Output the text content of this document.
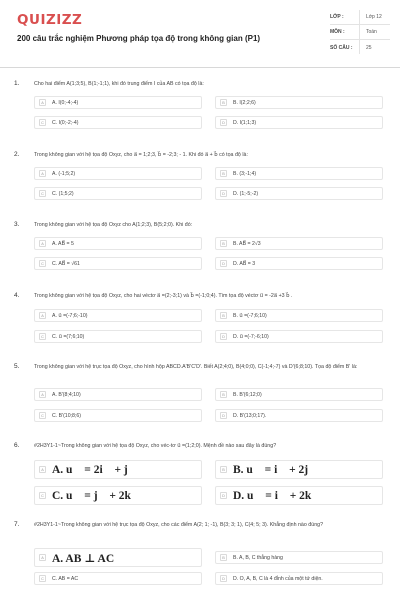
QUIZIZZ
200 câu trắc nghiệm Phương pháp tọa độ trong không gian (P1)
LỚP :	Lớp 12
MÔN :	Toán
SỐ CÂU :	25
1.	Cho hai điểm A(1;3;5), B(1;-1;1), khi đó trung điểm I của AB có tọa độ là:
A	A. I(0;-4;-4)	B	B. I(2;2;6)
C	C. I(0;-2;-4)	D	D. I(1;1;3)
2.	Trong không gian với hệ tọa độ Oxyz, cho a⃗ = 1;2;3, b⃗ = -2;3; - 1. Khi đó a⃗ + b⃗ có tọa độ là:
A	A. (-1;5;2)	B	B. (3;-1;4)
C	C. (1;5;2)	D	D. (1;-5;-2)
3.	Trong không gian với hệ tọa độ Oxyz cho A(1;2;3), B(5;2;0). Khi đó:
A	A. AB⃗ = 5	B	B. AB⃗ = 2√3
C	C. AB⃗ = √61	D	D. AB⃗ = 3
4.	Trong không gian với hệ tọa độ Oxyz, cho hai véctơ a⃗ =(2;-3;1) và b⃗ =(-1;0;4). Tìm tọa độ véctơ u⃗ = -2a⃗ +3 b⃗ .
A	A. u⃗ =(-7;6;-10)	B	B. u⃗ =(-7;6;10)
C	C. u⃗ =(7;6;10)	D	D. u⃗ =(-7;-6;10)
5.	Trong không gian với hệ trục tọa độ Oxyz, cho hình hộp ABCD.A'B'C'D'. Biết A(2;4;0), B(4;0;0), C(-1;4;-7) và D'(6;8;10). Tọa độ điểm B' là:
A	A. B'(8;4;10)	B	B. B'(6;12;0)
C	C. B'(10;8;6)	D	D. B'(13;0;17).
6.	#2H3Y1-1~Trong không gian với hệ tọa độ Oxyz, cho véc-tơ u⃗ =(1;2;0). Mệnh đề nào sau đây là đúng?
A A. u⃗ = 2i⃗ + j⃗	B B. u⃗ = i⃗ + 2j⃗
C C. u⃗ = j⃗ + 2k⃗	D D. u⃗ = i⃗ + 2k⃗
7.	#2H3Y1-1~Trong không gian với hệ trục tọa độ Oxyz, cho các điểm A(2; 1; -1), B(3; 3; 1), C(4; 5; 3). Khẳng định nào đúng?
A A. AB ⊥ AC	B	B. A, B, C thẳng hàng
C	C. AB = AC	D	D. O, A, B, C là 4 đỉnh của một tứ diện.
